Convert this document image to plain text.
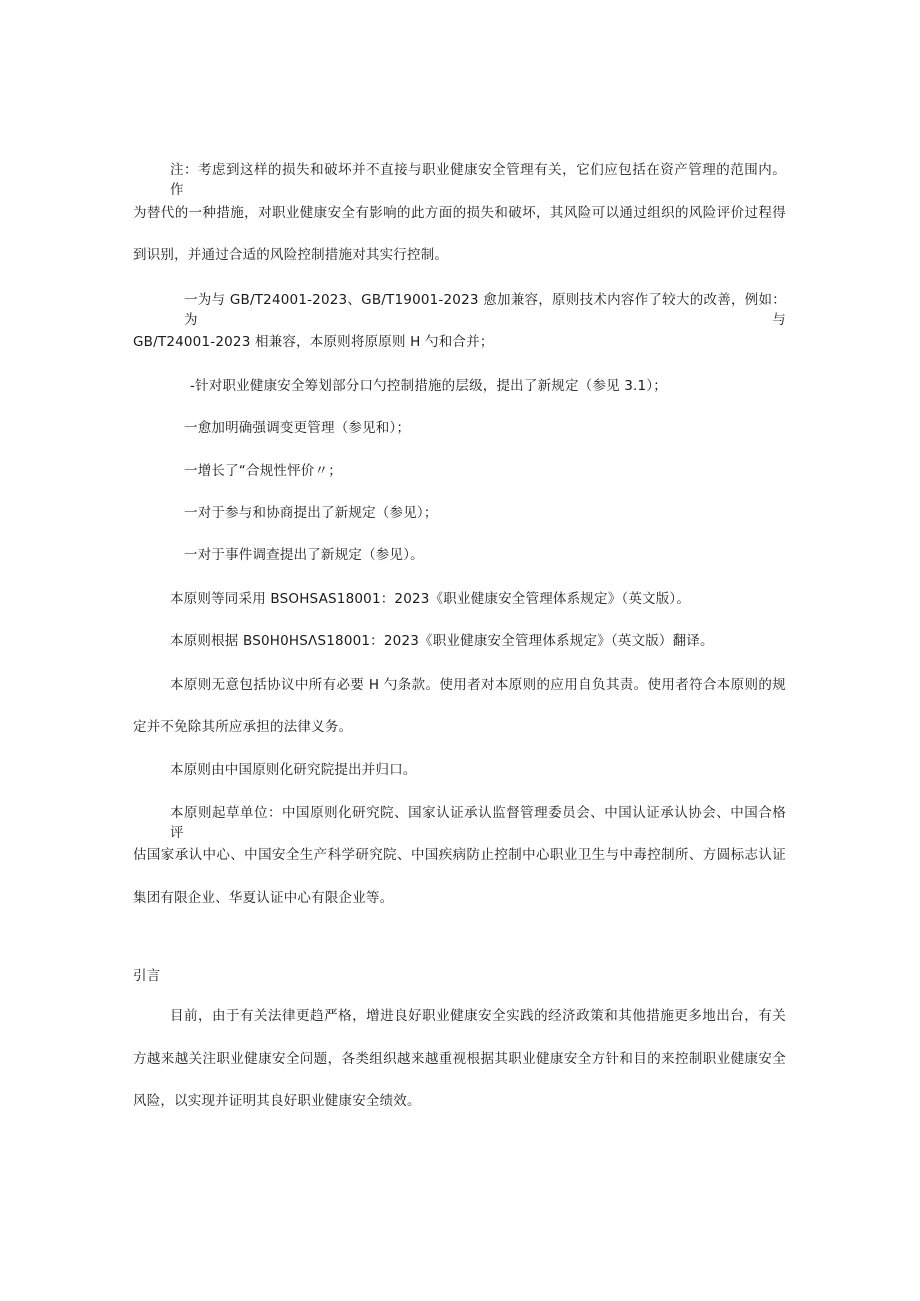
注：考虑到这样的损失和破坏并不直接与职业健康安全管理有关，它们应包括在资产管理的范围内。作
为替代的一种措施，对职业健康安全有影响的此方面的损失和破坏，其风险可以通过组织的风险评价过程得
到识别，并通过合适的风险控制措施对其实行控制。
一为与 GB/T24001-2023、GB/T19001-2023 愈加兼容，原则技术内容作了较大的改善，例如：为与
GB/T24001-2023 相兼容，本原则将原原则 H 勺和合并；
-针对职业健康安全筹划部分口勺控制措施的层级，提出了新规定（参见 3.1）；
一愈加明确强调变更管理（参见和）；
一增长了“合规性怦价〃；
一对于参与和协商提出了新规定（参见）；
一对于事件调查提出了新规定（参见）。
本原则等同采用 BSOHSAS18001：2023《职业健康安全管理体系规定》（英文版）。
本原则根据 BS0H0HSΛS18001：2023《职业健康安全管理体系规定》（英文版）翻译。
本原则无意包括协议中所有必要 H 勺条款。使用者对本原则的应用自负其责。使用者符合本原则的规
定并不免除其所应承担的法律义务。
本原则由中国原则化研究院提出并归口。
本原则起草单位：中国原则化研究院、国家认证承认监督管理委员会、中国认证承认协会、中国合格评
估国家承认中心、中国安全生产科学研究院、中国疾病防止控制中心职业卫生与中毒控制所、方圆标志认证
集团有限企业、华夏认证中心有限企业等。
引言
目前，由于有关法律更趋严格，增进良好职业健康安全实践的经济政策和其他措施更多地出台，有关
方越来越关注职业健康安全问题，各类组织越来越重视根据其职业健康安全方针和目的来控制职业健康安全
风险，以实现并证明其良好职业健康安全绩效。
